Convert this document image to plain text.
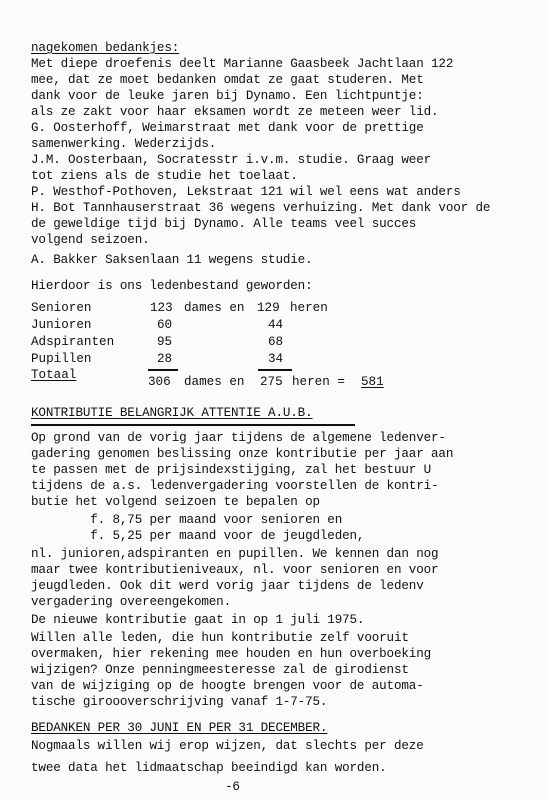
nagekomen bedankjes:
Met diepe droefenis deelt Marianne Gaasbeek Jachtlaan 122
mee, dat ze moet bedanken omdat ze gaat studeren. Met
dank voor de leuke jaren bij Dynamo. Een lichtpuntje:
als ze zakt voor haar eksamen wordt ze meteen weer lid.
G. Oosterhoff, Weimarstraat met dank voor de prettige
samenwerking. Wederzijds.
J.M. Oosterbaan, Socratesstr i.v.m. studie. Graag weer
tot ziens als de studie het toelaat.
P. Westhof-Pothoven, Lekstraat 121 wil wel eens wat anders
H. Bot Tannhauserstraat 36 wegens verhuizing. Met dank voor de
de geweldige tijd bij Dynamo. Alle teams veel succes
volgend seizoen.
A. Bakker Saksenlaan 11 wegens studie.
Hierdoor is ons ledenbestand geworden:
Senioren	123 dames en 129 heren
Junioren	60	44
Adspiranten	95	68
Pupillen	28	34
Totaal	306 dames en 275 heren = 581
KONTRIBUTIE BELANGRIJK ATTENTIE A.U.B.
Op grond van de vorig jaar tijdens de algemene ledenver-
gadering genomen beslissing onze kontributie per jaar aan
te passen met de prijsindexstijging, zal het bestuur U
tijdens de a.s. ledenvergadering voorstellen de kontri-
butie het volgend seizoen te bepalen op
f. 8,75 per maand voor senioren en
f. 5,25 per maand voor de jeugdleden,
nl. junioren,adspiranten en pupillen. We kennen dan nog
maar twee kontributieniveaux, nl. voor senioren en voor
jeugdleden. Ook dit werd vorig jaar tijdens de ledenv
vergadering overeengekomen.
De nieuwe kontributie gaat in op 1 juli 1975.
Willen alle leden, die hun kontributie zelf vooruit
overmaken, hier rekening mee houden en hun overboeking
wijzigen? Onze penningmeesteresse zal de girodienst
van de wijziging op de hoogte brengen voor de automa-
tische giroooverschrijving vanaf 1-7-75.
BEDANKEN PER 30 JUNI EN PER 31 DECEMBER.
Nogmaals willen wij erop wijzen, dat slechts per deze
twee data het lidmaatschap beeindigd kan worden.
-6
